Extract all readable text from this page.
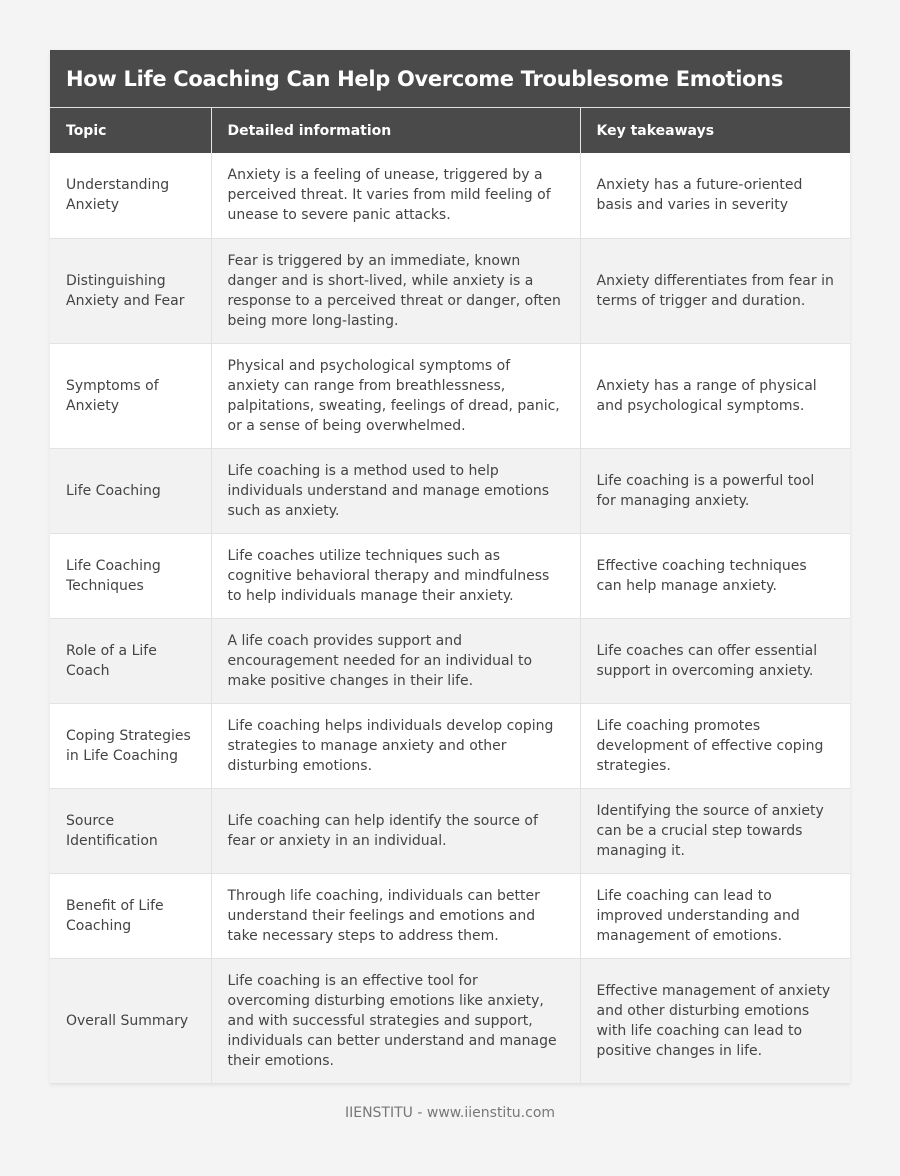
How Life Coaching Can Help Overcome Troublesome Emotions
Topic	Detailed information	Key takeaways
Understanding Anxiety	Anxiety is a feeling of unease, triggered by a perceived threat. It varies from mild feeling of unease to severe panic attacks.	Anxiety has a future-oriented basis and varies in severity
Distinguishing Anxiety and Fear	Fear is triggered by an immediate, known danger and is short-lived, while anxiety is a response to a perceived threat or danger, often being more long-lasting.	Anxiety differentiates from fear in terms of trigger and duration.
Symptoms of Anxiety	Physical and psychological symptoms of anxiety can range from breathlessness, palpitations, sweating, feelings of dread, panic, or a sense of being overwhelmed.	Anxiety has a range of physical and psychological symptoms.
Life Coaching	Life coaching is a method used to help individuals understand and manage emotions such as anxiety.	Life coaching is a powerful tool for managing anxiety.
Life Coaching Techniques	Life coaches utilize techniques such as cognitive behavioral therapy and mindfulness to help individuals manage their anxiety.	Effective coaching techniques can help manage anxiety.
Role of a Life Coach	A life coach provides support and encouragement needed for an individual to make positive changes in their life.	Life coaches can offer essential support in overcoming anxiety.
Coping Strategies in Life Coaching	Life coaching helps individuals develop coping strategies to manage anxiety and other disturbing emotions.	Life coaching promotes development of effective coping strategies.
Source Identification	Life coaching can help identify the source of fear or anxiety in an individual.	Identifying the source of anxiety can be a crucial step towards managing it.
Benefit of Life Coaching	Through life coaching, individuals can better understand their feelings and emotions and take necessary steps to address them.	Life coaching can lead to improved understanding and management of emotions.
Overall Summary	Life coaching is an effective tool for overcoming disturbing emotions like anxiety, and with successful strategies and support, individuals can better understand and manage their emotions.	Effective management of anxiety and other disturbing emotions with life coaching can lead to positive changes in life.
IIENSTITU - www.iienstitu.com
